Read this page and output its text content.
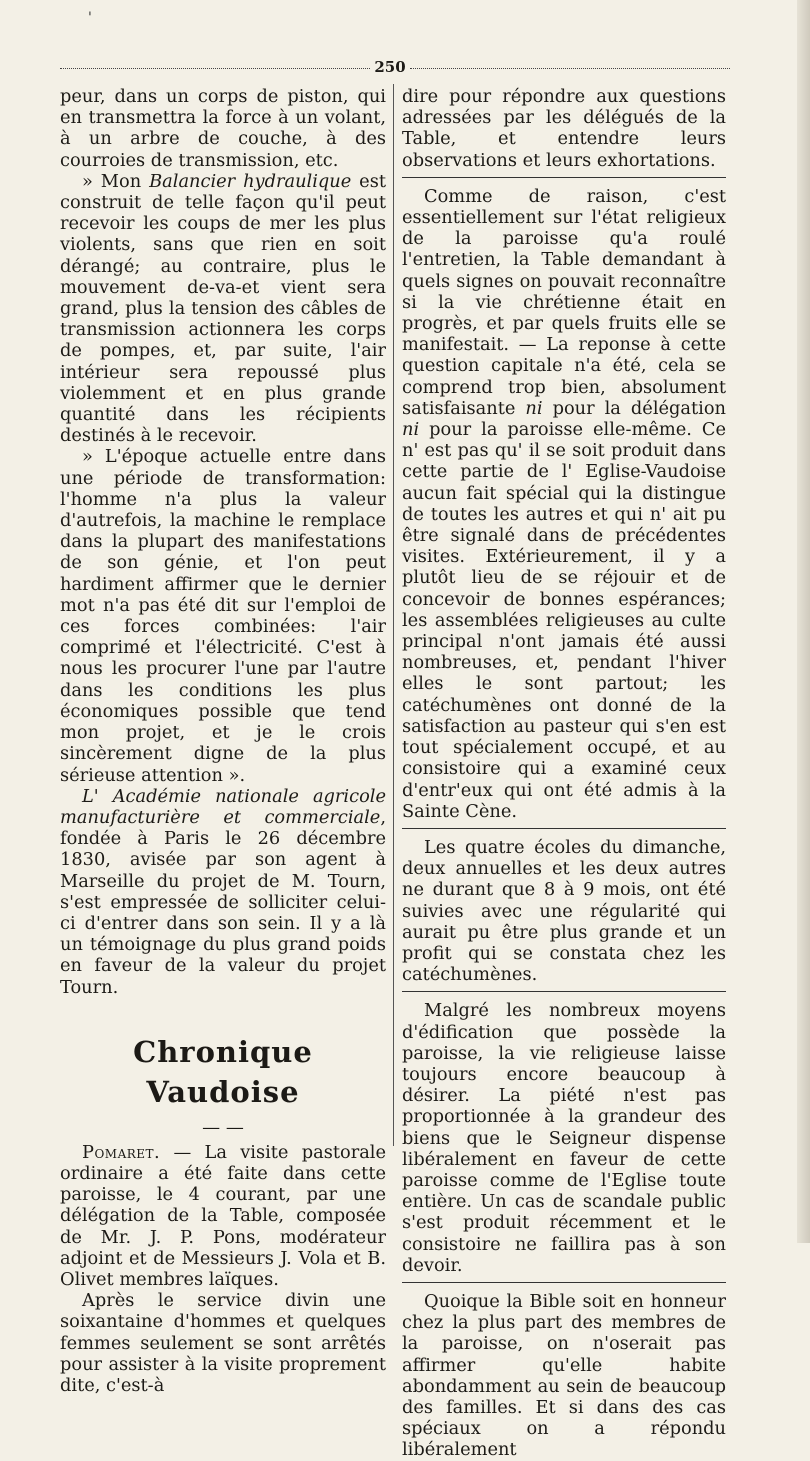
'
250

peur, dans un corps de piston, qui en transmettra la force à un volant, à un arbre de couche, à des courroies de transmission, etc.

» Mon Balancier hydraulique est construit de telle façon qu'il peut recevoir les coups de mer les plus violents, sans que rien en soit dérangé; au contraire, plus le mouvement de-va-et vient sera grand, plus la tension des câbles de transmission actionnera les corps de pompes, et, par suite, l'air intérieur sera repoussé plus violemment et en plus grande quantité dans les récipients destinés à le recevoir.

» L'époque actuelle entre dans une période de transformation: l'homme n'a plus la valeur d'autrefois, la machine le remplace dans la plupart des manifestations de son génie, et l'on peut hardiment affirmer que le dernier mot n'a pas été dit sur l'emploi de ces forces combinées: l'air comprimé et l'électricité. C'est à nous les procurer l'une par l'autre dans les conditions les plus économiques possible que tend mon projet, et je le crois sincèrement digne de la plus sérieuse attention ».

L' Académie nationale agricole manufacturière et commerciale, fondée à Paris le 26 décembre 1830, avisée par son agent à Marseille du projet de M. Tourn, s'est empressée de solliciter celui-ci d'entrer dans son sein. Il y a là un témoignage du plus grand poids en faveur de la valeur du projet Tourn.

Chronique Vaudoise
— —

Pomaret. — La visite pastorale ordinaire a été faite dans cette paroisse, le 4 courant, par une délégation de la Table, composée de Mr. J. P. Pons, modérateur adjoint et de Messieurs J. Vola et B. Olivet membres laïques.

Après le service divin une soixantaine d'hommes et quelques femmes seulement se sont arrêtés pour assister à la visite proprement dite, c'est-à

dire pour répondre aux questions adressées par les délégués de la Table, et entendre leurs observations et leurs exhortations.

Comme de raison, c'est essentiellement sur l'état religieux de la paroisse qu'a roulé l'entretien, la Table demandant à quels signes on pouvait reconnaître si la vie chrétienne était en progrès, et par quels fruits elle se manifestait. — La reponse à cette question capitale n'a été, cela se comprend trop bien, absolument satisfaisante ni pour la délégation ni pour la paroisse elle-même. Ce n' est pas qu' il se soit produit dans cette partie de l' Eglise-Vaudoise aucun fait spécial qui la distingue de toutes les autres et qui n' ait pu être signalé dans de précédentes visites. Extérieurement, il y a plutôt lieu de se réjouir et de concevoir de bonnes espérances; les assemblées religieuses au culte principal n'ont jamais été aussi nombreuses, et, pendant l'hiver elles le sont partout; les catéchumènes ont donné de la satisfaction au pasteur qui s'en est tout spécialement occupé, et au consistoire qui a examiné ceux d'entr'eux qui ont été admis à la Sainte Cène.

Les quatre écoles du dimanche, deux annuelles et les deux autres ne durant que 8 à 9 mois, ont été suivies avec une régularité qui aurait pu être plus grande et un profit qui se constata chez les catéchumènes.

Malgré les nombreux moyens d'édification que possède la paroisse, la vie religieuse laisse toujours encore beaucoup à désirer. La piété n'est pas proportionnée à la grandeur des biens que le Seigneur dispense libéralement en faveur de cette paroisse comme de l'Eglise toute entière. Un cas de scandale public s'est produit récemment et le consistoire ne faillira pas à son devoir.

Quoique la Bible soit en honneur chez la plus part des membres de la paroisse, on n'oserait pas affirmer qu'elle habite abondamment au sein de beaucoup des familles. Et si dans des cas spéciaux on a répondu libéralement
